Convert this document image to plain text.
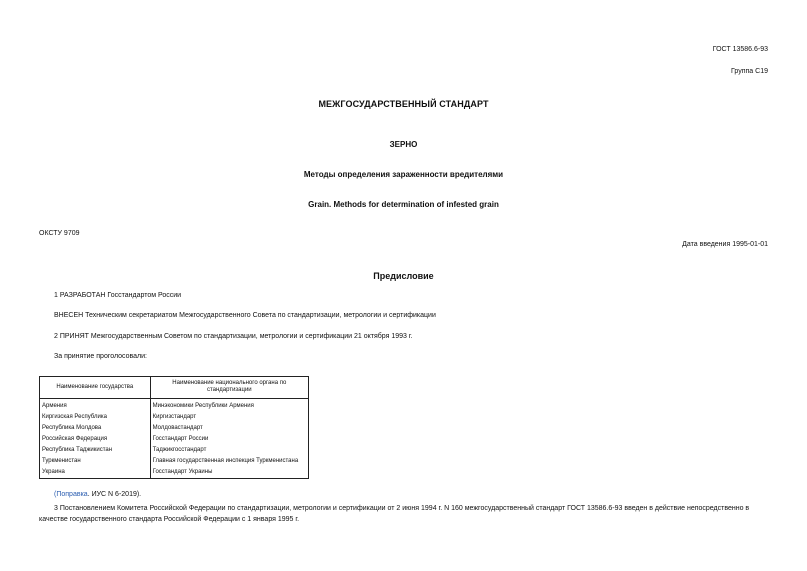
ГОСТ 13586.6-93
Группа С19
МЕЖГОСУДАРСТВЕННЫЙ СТАНДАРТ
ЗЕРНО
Методы определения зараженности вредителями
Grain. Methods for determination of infested grain
ОКСТУ 9709
Дата введения 1995-01-01
Предисловие
1 РАЗРАБОТАН Госстандартом России
ВНЕСЕН Техническим секретариатом Межгосударственного Совета по стандартизации, метрологии и сертификации
2 ПРИНЯТ Межгосударственным Советом по стандартизации, метрологии и сертификации 21 октября 1993 г.
За принятие проголосовали:
Наименование государства	Наименование национального органа по стандартизации
Армения	Минэкономики Республики Армения
Киргизская Республика	Киргизстандарт
Республика Молдова	Молдовастандарт
Российская Федерация	Госстандарт России
Республика Таджикистан	Таджикгосстандарт
Туркменистан	Главная государственная инспекция Туркменистана
Украина	Госстандарт Украины
(Поправка. ИУС N 6-2019).
3 Постановлением Комитета Российской Федерации по стандартизации, метрологии и сертификации от 2 июня 1994 г. N 160 межгосударственный стандарт ГОСТ 13586.6-93 введен в действие непосредственно в качестве государственного стандарта Российской Федерации с 1 января 1995 г.
